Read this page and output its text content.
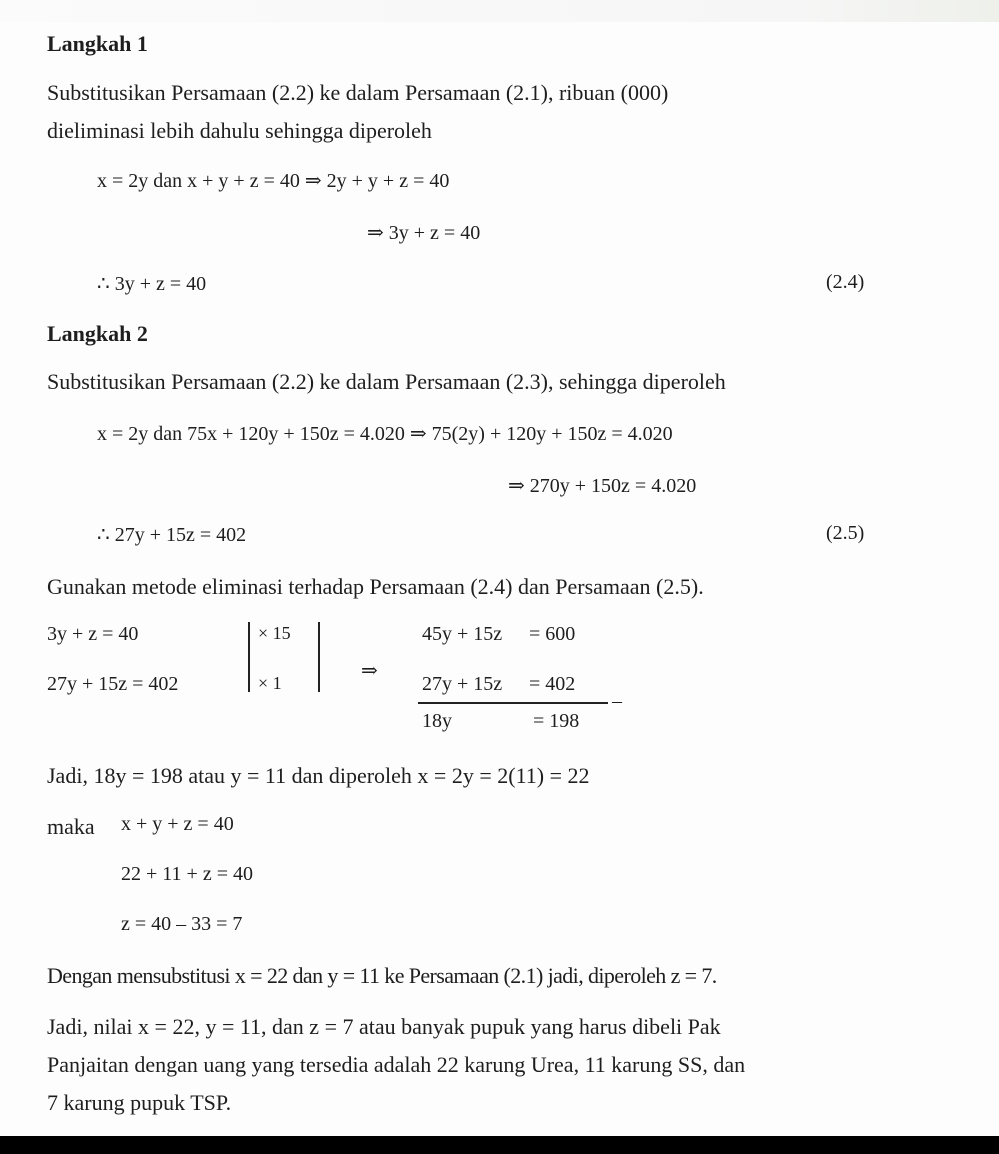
Langkah 1
Substitusikan Persamaan (2.2) ke dalam Persamaan (2.1), ribuan (000)
dieliminasi lebih dahulu sehingga diperoleh
x = 2y dan x + y + z = 40 ⇒ 2y + y + z = 40
⇒ 3y + z = 40
∴ 3y + z = 40	(2.4)
Langkah 2
Substitusikan Persamaan (2.2) ke dalam Persamaan (2.3), sehingga diperoleh
x = 2y dan 75x + 120y + 150z = 4.020 ⇒ 75(2y) + 120y + 150z = 4.020
⇒ 270y + 150z = 4.020
∴ 27y + 15z = 402	(2.5)
Gunakan metode eliminasi terhadap Persamaan (2.4) dan Persamaan (2.5).
3y + z = 40
27y + 15z = 402
× 15
× 1
⇒
45y + 15z = 600
27y + 15z = 402
–
18y	= 198
Jadi, 18y = 198 atau y = 11 dan diperoleh x = 2y = 2(11) = 22
maka x + y + z = 40
22 + 11 + z = 40
z = 40 – 33 = 7
Dengan mensubstitusi x = 22 dan y = 11 ke Persamaan (2.1) jadi, diperoleh z = 7.
Jadi, nilai x = 22, y = 11, dan z = 7 atau banyak pupuk yang harus dibeli Pak
Panjaitan dengan uang yang tersedia adalah 22 karung Urea, 11 karung SS, dan
7 karung pupuk TSP.
